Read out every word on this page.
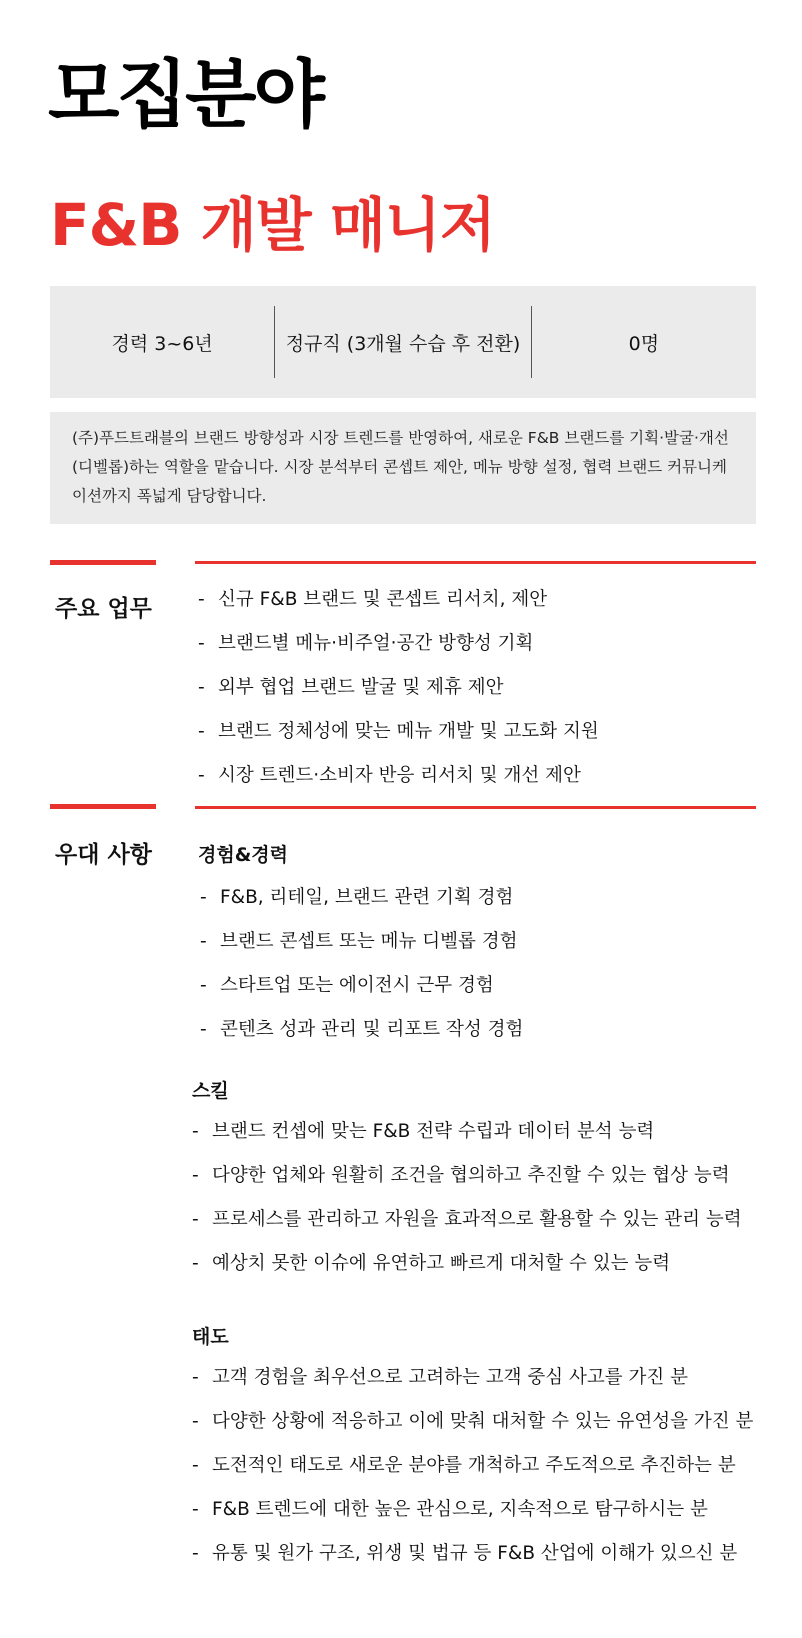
모집분야
F&B 개발 매니저
경력 3~6년	정규직 (3개월 수습 후 전환)	0명
(주)푸드트래블의 브랜드 방향성과 시장 트렌드를 반영하여, 새로운 F&B 브랜드를 기획·발굴·개선(디벨롭)하는 역할을 맡습니다. 시장 분석부터 콘셉트 제안, 메뉴 방향 설정, 협력 브랜드 커뮤니케이션까지 폭넓게 담당합니다.
주요 업무 - 신규 F&B 브랜드 및 콘셉트 리서치, 제안
- 브랜드별 메뉴·비주얼·공간 방향성 기획
- 외부 협업 브랜드 발굴 및 제휴 제안
- 브랜드 정체성에 맞는 메뉴 개발 및 고도화 지원
- 시장 트렌드·소비자 반응 리서치 및 개선 제안
우대 사항 경험&경력
- F&B, 리테일, 브랜드 관련 기획 경험
- 브랜드 콘셉트 또는 메뉴 디벨롭 경험
- 스타트업 또는 에이전시 근무 경험
- 콘텐츠 성과 관리 및 리포트 작성 경험
스킬
- 브랜드 컨셉에 맞는 F&B 전략 수립과 데이터 분석 능력
- 다양한 업체와 원활히 조건을 협의하고 추진할 수 있는 협상 능력
- 프로세스를 관리하고 자원을 효과적으로 활용할 수 있는 관리 능력
- 예상치 못한 이슈에 유연하고 빠르게 대처할 수 있는 능력
태도
- 고객 경험을 최우선으로 고려하는 고객 중심 사고를 가진 분
- 다양한 상황에 적응하고 이에 맞춰 대처할 수 있는 유연성을 가진 분
- 도전적인 태도로 새로운 분야를 개척하고 주도적으로 추진하는 분
- F&B 트렌드에 대한 높은 관심으로, 지속적으로 탐구하시는 분
- 유통 및 원가 구조, 위생 및 법규 등 F&B 산업에 이해가 있으신 분
